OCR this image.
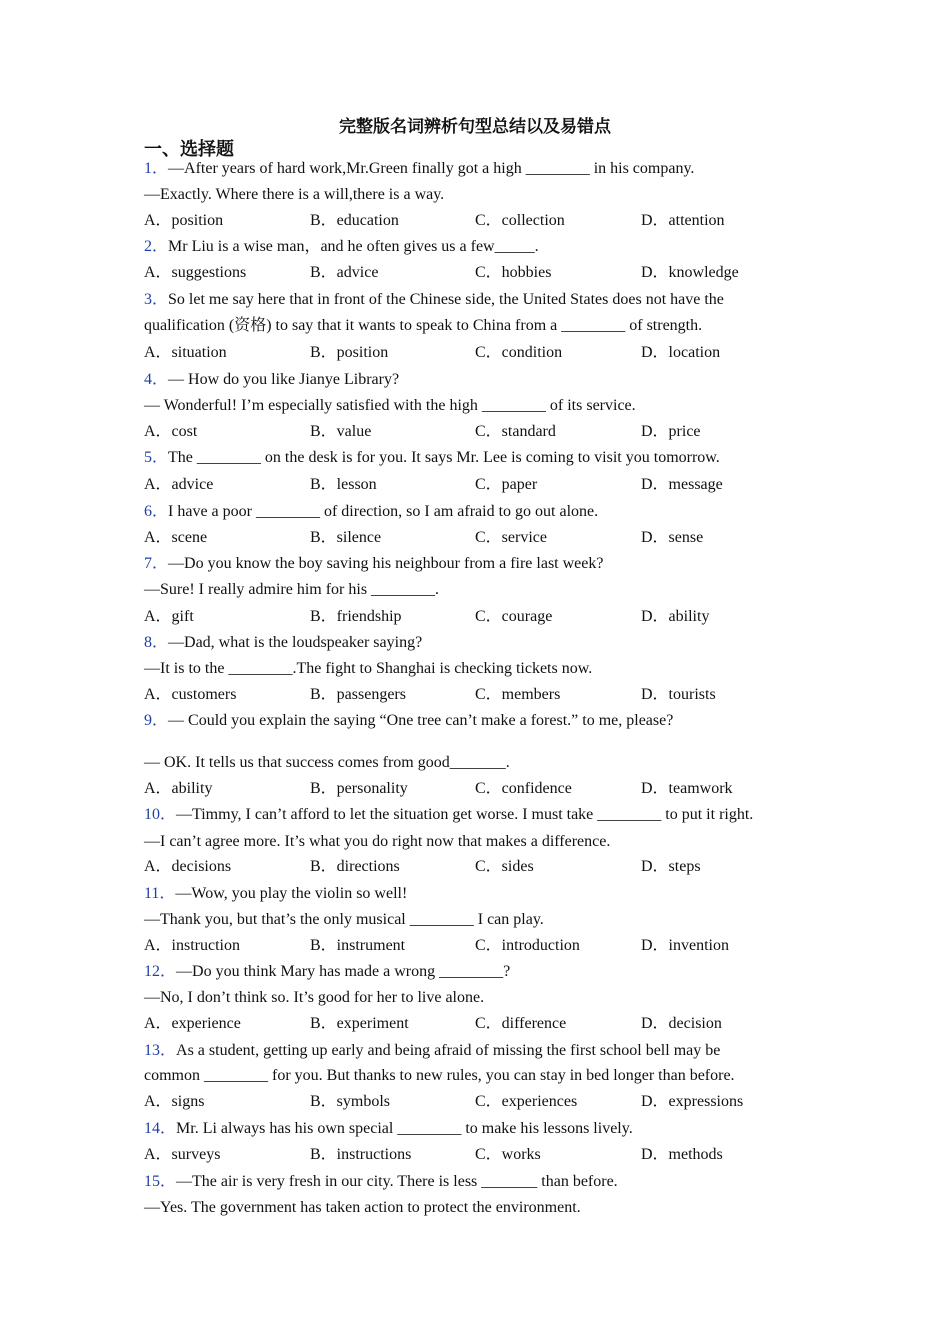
完整版名词辨析句型总结以及易错点
一、选择题
1．—After years of hard work,Mr.Green finally got a high ________ in his company.
—Exactly. Where there is a will,there is a way.
A．position	B．education	C．collection	D．attention
2．Mr Liu is a wise man，and he often gives us a few_____.
A．suggestions	B．advice	C．hobbies	D．knowledge
3．So let me say here that in front of the Chinese side, the United States does not have the
qualification (资格) to say that it wants to speak to China from a ________ of strength.
A．situation	B．position	C．condition	D．location
4．— How do you like Jianye Library?
— Wonderful! I’m especially satisfied with the high ________ of its service.
A．cost	B．value	C．standard	D．price
5．The ________ on the desk is for you. It says Mr. Lee is coming to visit you tomorrow.
A．advice	B．lesson	C．paper	D．message
6．I have a poor ________ of direction, so I am afraid to go out alone.
A．scene	B．silence	C．service	D．sense
7．—Do you know the boy saving his neighbour from a fire last week?
—Sure! I really admire him for his ________.
A．gift	B．friendship	C．courage	D．ability
8．—Dad, what is the loudspeaker saying?
—It is to the ________.The fight to Shanghai is checking tickets now.
A．customers	B．passengers	C．members	D．tourists
9．— Could you explain the saying “One tree can’t make a forest.” to me, please?
— OK. It tells us that success comes from good_______.
A．ability	B．personality	C．confidence	D．teamwork
10．—Timmy, I can’t afford to let the situation get worse. I must take ________ to put it right.
—I can’t agree more. It’s what you do right now that makes a difference.
A．decisions	B．directions	C．sides	D．steps
11．—Wow, you play the violin so well!
—Thank you, but that’s the only musical ________ I can play.
A．instruction	B．instrument	C．introduction	D．invention
12．—Do you think Mary has made a wrong ________?
—No, I don’t think so. It’s good for her to live alone.
A．experience	B．experiment	C．difference	D．decision
13．As a student, getting up early and being afraid of missing the first school bell may be
common ________ for you. But thanks to new rules, you can stay in bed longer than before.
A．signs	B．symbols	C．experiences	D．expressions
14．Mr. Li always has his own special ________ to make his lessons lively.
A．surveys	B．instructions	C．works	D．methods
15．—The air is very fresh in our city. There is less _______ than before.
—Yes. The government has taken action to protect the environment.
